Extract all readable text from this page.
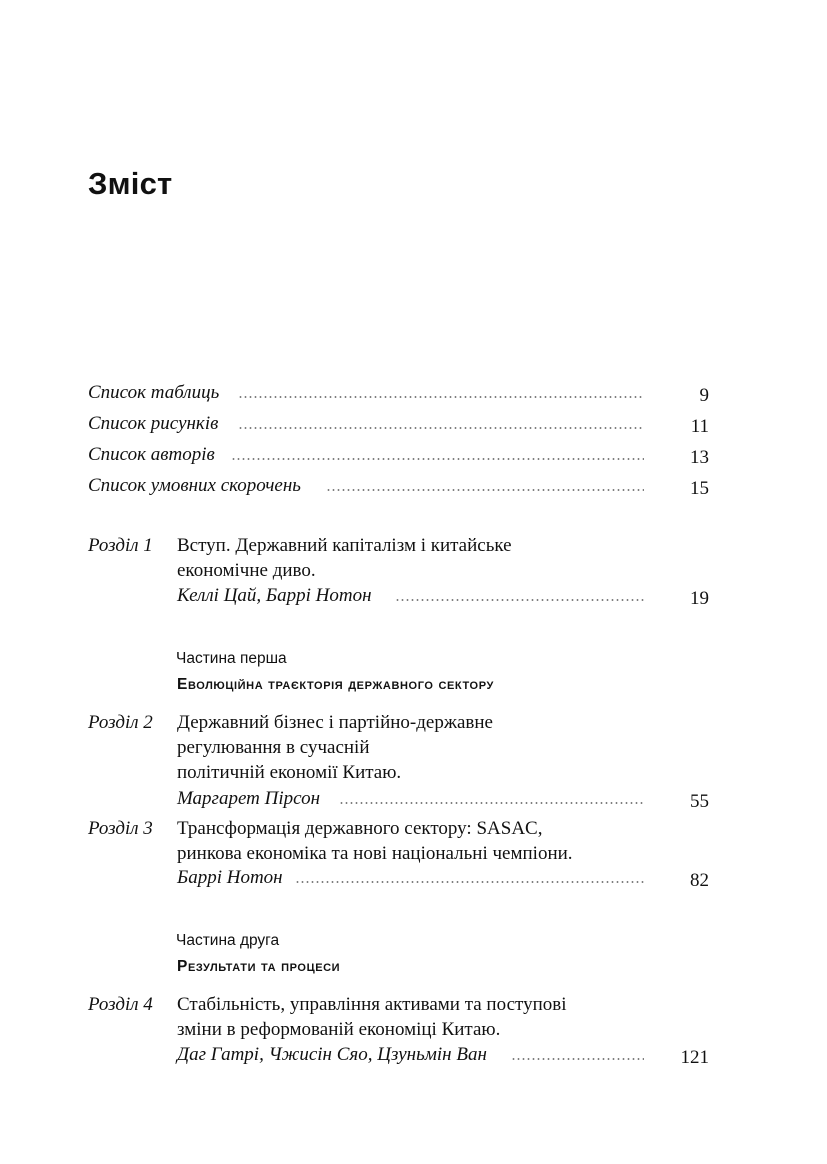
Зміст
Список таблиць	9
Список рисунків	11
Список авторів	13
Список умовних скорочень	15
Розділ 1 Вступ. Державний капіталізм і китайське
економічне диво.
Келлі Цай, Баррі Нотон	19
Частина перша
Еволюційна траєкторія державного сектору
Розділ 2 Державний бізнес і партійно-державне
регулювання в сучасній
політичній економії Китаю.
Маргарет Пірсон	55
Розділ 3 Трансформація державного сектору: SASAC,
ринкова економіка та нові національні чемпіони.
Баррі Нотон	82
Частина друга
Результати та процеси
Розділ 4 Стабільність, управління активами та поступові
зміни в реформованій економіці Китаю.
Даг Гатрі, Чжисін Сяо, Цзуньмін Ван	121
